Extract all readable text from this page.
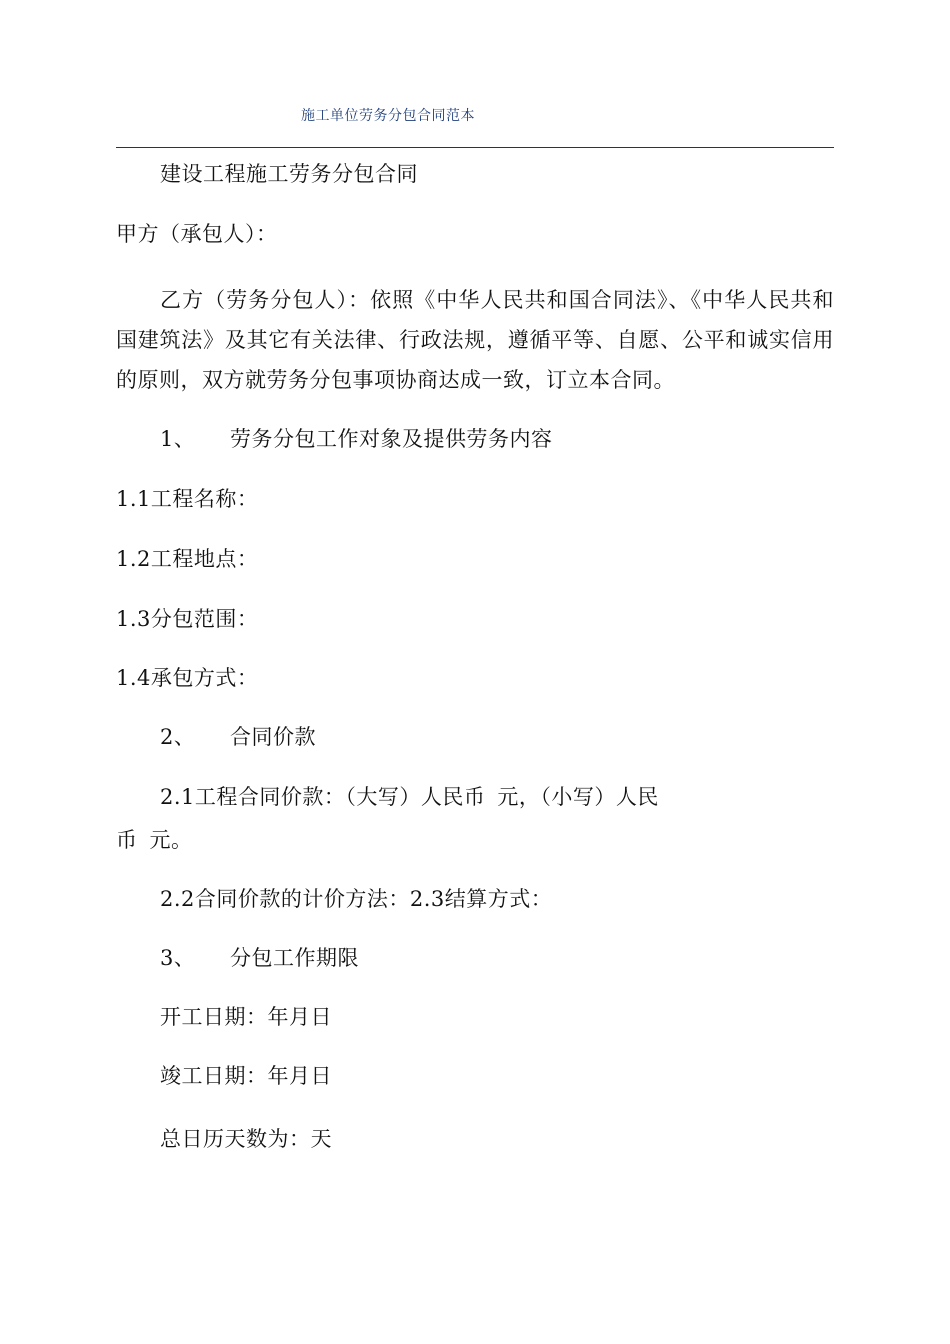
施工单位劳务分包合同范本
建设工程施工劳务分包合同
甲方（承包人）：
乙方（劳务分包人）：依照《中华人民共和国合同法》、《中华人民共和国建筑法》及其它有关法律、行政法规，遵循平等、自愿、公平和诚实信用的原则，双方就劳务分包事项协商达成一致，订立本合同。
1、 劳务分包工作对象及提供劳务内容
1.1工程名称：
1.2工程地点：
1.3分包范围：
1.4承包方式：
2、 合同价款
2.1工程合同价款：（大写）人民币 元，（小写）人民
币 元。
2.2合同价款的计价方法：2.3结算方式：
3、 分包工作期限
开工日期：年月日
竣工日期：年月日
总日历天数为：天
